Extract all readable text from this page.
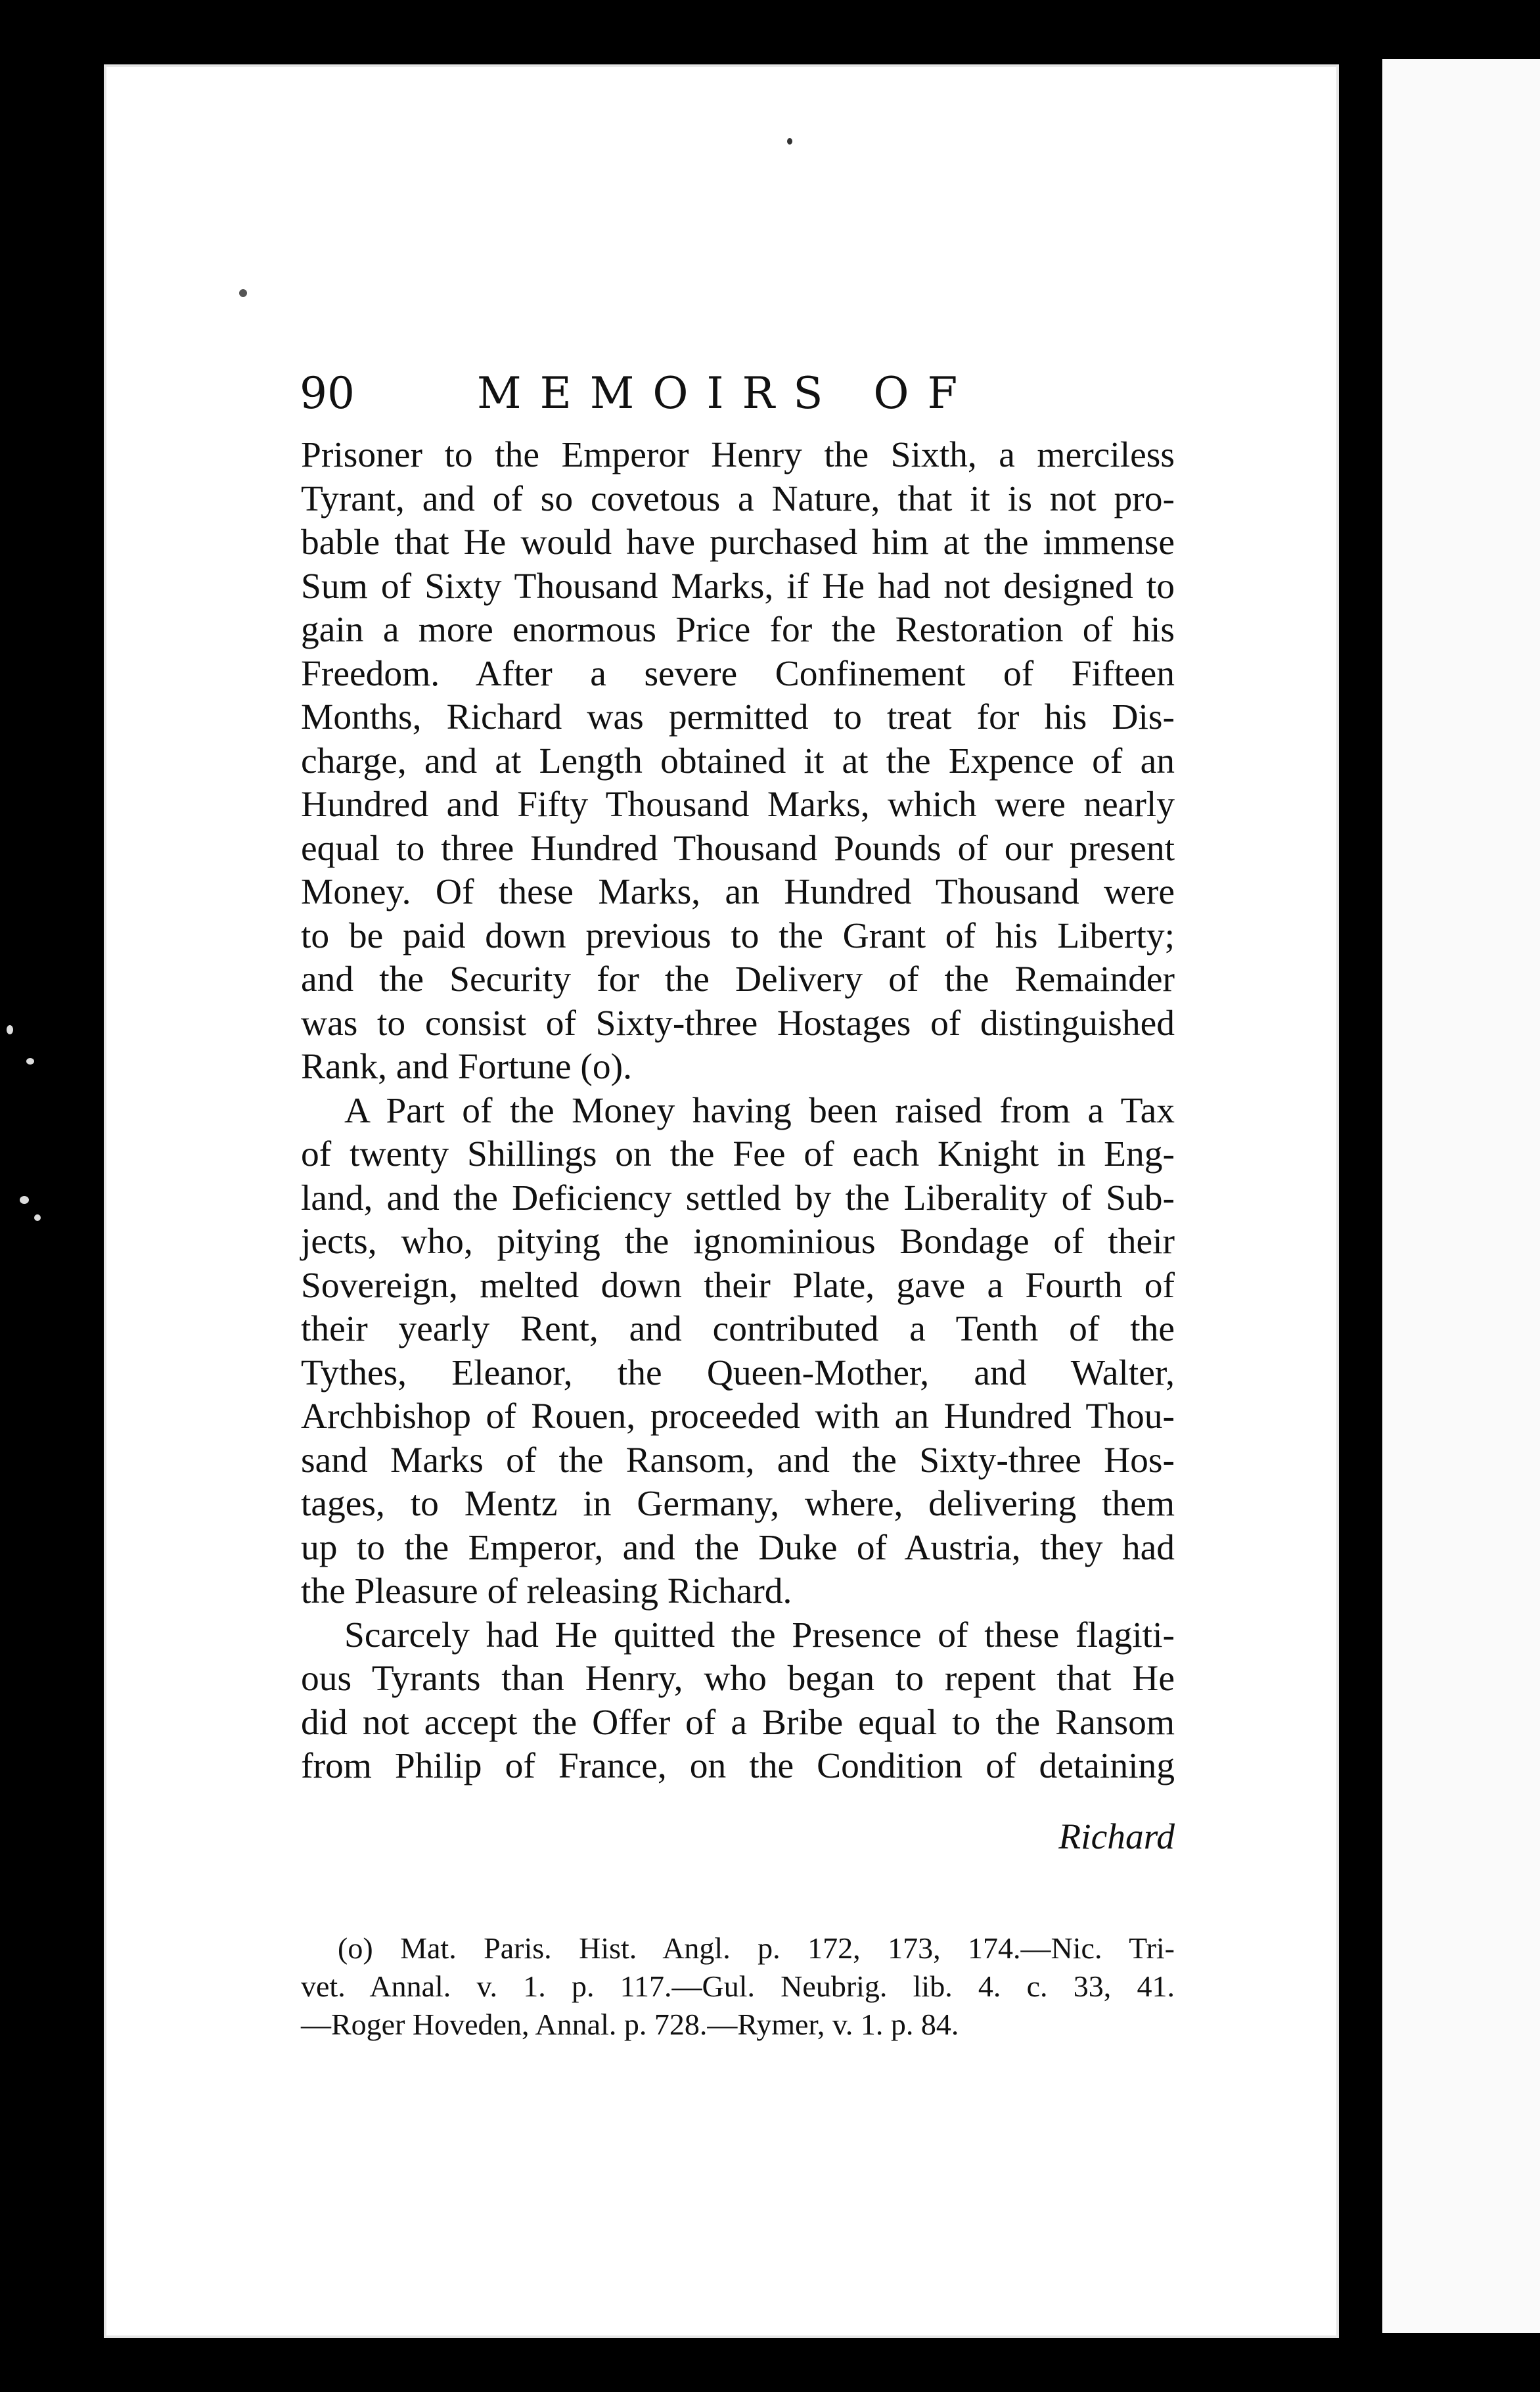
90	MEMOIRS OF
Prisoner to the Emperor Henry the Sixth, a merciless
Tyrant, and of so covetous a Nature, that it is not pro-
bable that He would have purchased him at the immense
Sum of Sixty Thousand Marks, if He had not designed to
gain a more enormous Price for the Restoration of his
Freedom. After a severe Confinement of Fifteen
Months, Richard was permitted to treat for his Dis-
charge, and at Length obtained it at the Expence of an
Hundred and Fifty Thousand Marks, which were nearly
equal to three Hundred Thousand Pounds of our present
Money. Of these Marks, an Hundred Thousand were
to be paid down previous to the Grant of his Liberty;
and the Security for the Delivery of the Remainder
was to consist of Sixty-three Hostages of distinguished
Rank, and Fortune (o).
A Part of the Money having been raised from a Tax
of twenty Shillings on the Fee of each Knight in Eng-
land, and the Deficiency settled by the Liberality of Sub-
jects, who, pitying the ignominious Bondage of their
Sovereign, melted down their Plate, gave a Fourth of
their yearly Rent, and contributed a Tenth of the
Tythes, Eleanor, the Queen-Mother, and Walter,
Archbishop of Rouen, proceeded with an Hundred Thou-
sand Marks of the Ransom, and the Sixty-three Hos-
tages, to Mentz in Germany, where, delivering them
up to the Emperor, and the Duke of Austria, they had
the Pleasure of releasing Richard.
Scarcely had He quitted the Presence of these flagiti-
ous Tyrants than Henry, who began to repent that He
did not accept the Offer of a Bribe equal to the Ransom
from Philip of France, on the Condition of detaining
Richard
(o) Mat. Paris. Hist. Angl. p. 172, 173, 174.—Nic. Tri-
vet. Annal. v. 1. p. 117.—Gul. Neubrig. lib. 4. c. 33, 41.
—Roger Hoveden, Annal. p. 728.—Rymer, v. 1. p. 84.
